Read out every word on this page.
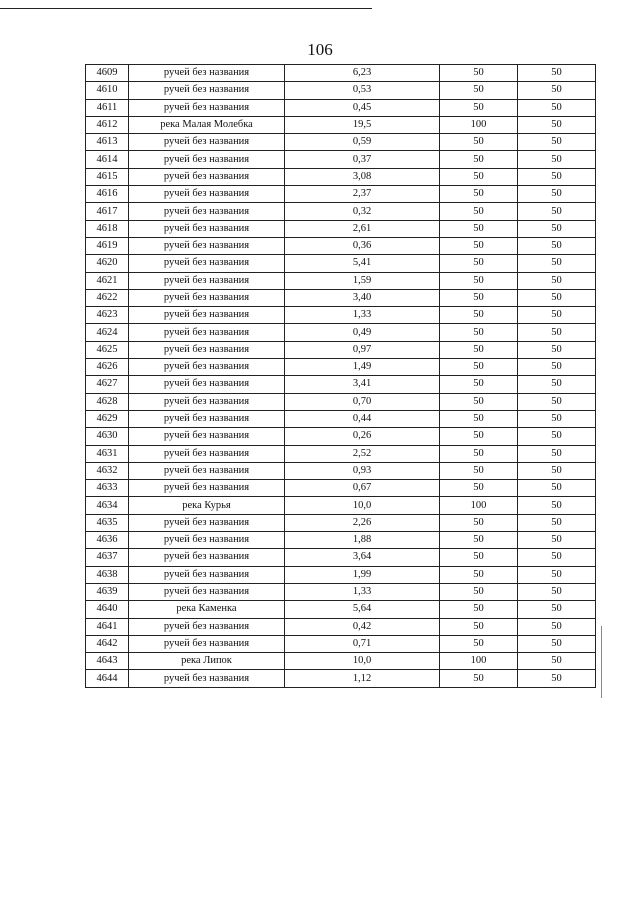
106
4609	ручей без названия	6,23	50	50
4610	ручей без названия	0,53	50	50
4611	ручей без названия	0,45	50	50
4612	река Малая Молебка	19,5	100	50
4613	ручей без названия	0,59	50	50
4614	ручей без названия	0,37	50	50
4615	ручей без названия	3,08	50	50
4616	ручей без названия	2,37	50	50
4617	ручей без названия	0,32	50	50
4618	ручей без названия	2,61	50	50
4619	ручей без названия	0,36	50	50
4620	ручей без названия	5,41	50	50
4621	ручей без названия	1,59	50	50
4622	ручей без названия	3,40	50	50
4623	ручей без названия	1,33	50	50
4624	ручей без названия	0,49	50	50
4625	ручей без названия	0,97	50	50
4626	ручей без названия	1,49	50	50
4627	ручей без названия	3,41	50	50
4628	ручей без названия	0,70	50	50
4629	ручей без названия	0,44	50	50
4630	ручей без названия	0,26	50	50
4631	ручей без названия	2,52	50	50
4632	ручей без названия	0,93	50	50
4633	ручей без названия	0,67	50	50
4634	река Курья	10,0	100	50
4635	ручей без названия	2,26	50	50
4636	ручей без названия	1,88	50	50
4637	ручей без названия	3,64	50	50
4638	ручей без названия	1,99	50	50
4639	ручей без названия	1,33	50	50
4640	река Каменка	5,64	50	50
4641	ручей без названия	0,42	50	50
4642	ручей без названия	0,71	50	50
4643	река Липок	10,0	100	50
4644	ручей без названия	1,12	50	50
